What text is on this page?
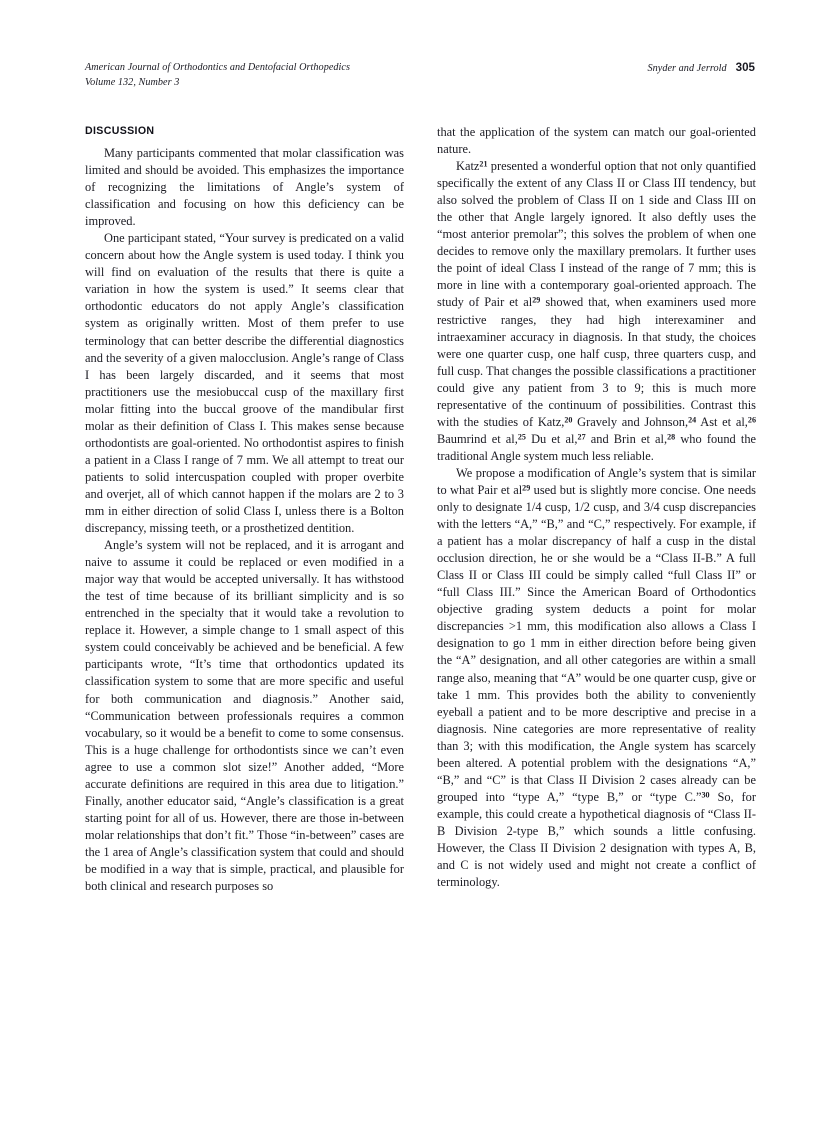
American Journal of Orthodontics and Dentofacial Orthopedics
Volume 132, Number 3
Snyder and Jerrold 305
DISCUSSION

Many participants commented that molar classification was limited and should be avoided. This emphasizes the importance of recognizing the limitations of Angle’s system of classification and focusing on how this deficiency can be improved.

One participant stated, “Your survey is predicated on a valid concern about how the Angle system is used today. I think you will find on evaluation of the results that there is quite a variation in how the system is used.” It seems clear that orthodontic educators do not apply Angle’s classification system as originally written. Most of them prefer to use terminology that can better describe the differential diagnostics and the severity of a given malocclusion. Angle’s range of Class I has been largely discarded, and it seems that most practitioners use the mesiobuccal cusp of the maxillary first molar fitting into the buccal groove of the mandibular first molar as their definition of Class I. This makes sense because orthodontists are goal-oriented. No orthodontist aspires to finish a patient in a Class I range of 7 mm. We all attempt to treat our patients to solid intercuspation coupled with proper overbite and overjet, all of which cannot happen if the molars are 2 to 3 mm in either direction of solid Class I, unless there is a Bolton discrepancy, missing teeth, or a prosthetized dentition.

Angle’s system will not be replaced, and it is arrogant and naive to assume it could be replaced or even modified in a major way that would be accepted universally. It has withstood the test of time because of its brilliant simplicity and is so entrenched in the specialty that it would take a revolution to replace it. However, a simple change to 1 small aspect of this system could conceivably be achieved and be beneficial. A few participants wrote, “It’s time that orthodontics updated its classification system to some that are more specific and useful for both communication and diagnosis.” Another said, “Communication between professionals requires a common vocabulary, so it would be a benefit to come to some consensus. This is a huge challenge for orthodontists since we can’t even agree to use a common slot size!” Another added, “More accurate definitions are required in this area due to litigation.” Finally, another educator said, “Angle’s classification is a great starting point for all of us. However, there are those in-between molar relationships that don’t fit.” Those “in-between” cases are the 1 area of Angle’s classification system that could and should be modified in a way that is simple, practical, and plausible for both clinical and research purposes so

that the application of the system can match our goal-oriented nature.

Katz$^{21}$ presented a wonderful option that not only quantified specifically the extent of any Class II or Class III tendency, but also solved the problem of Class II on 1 side and Class III on the other that Angle largely ignored. It also deftly uses the “most anterior premolar”; this solves the problem of when one decides to remove only the maxillary premolars. It further uses the point of ideal Class I instead of the range of 7 mm; this is more in line with a contemporary goal-oriented approach. The study of Pair et $al^{29}$ showed that, when examiners used more restrictive ranges, they had high interexaminer and intraexaminer accuracy in diagnosis. In that study, the choices were one quarter cusp, one half cusp, three quarters cusp, and full cusp. That changes the possible classifications a practitioner could give any patient from 3 to 9; this is much more representative of the continuum of possibilities. Contrast this with the studies of Katz,$^{20}$ Gravely and Johnson,$^{24}$ Ast et al,$^{26}$ Baumrind et al,$^{25}$ Du et al,$^{27}$ and Brin et al,$^{28}$ who found the traditional Angle system much less reliable.

We propose a modification of Angle’s system that is similar to what Pair et $al^{29}$ used but is slightly more concise. One needs only to designate 1/4 cusp, 1/2 cusp, and 3/4 cusp discrepancies with the letters “A,” “B,” and “C,” respectively. For example, if a patient has a molar discrepancy of half a cusp in the distal occlusion direction, he or she would be a “Class II-B.” A full Class II or Class III could be simply called “full Class II” or “full Class III.” Since the American Board of Orthodontics objective grading system deducts a point for molar discrepancies >1 mm, this modification also allows a Class I designation to go 1 mm in either direction before being given the “A” designation, and all other categories are within a small range also, meaning that “A” would be one quarter cusp, give or take 1 mm. This provides both the ability to conveniently eyeball a patient and to be more descriptive and precise in a diagnosis. Nine categories are more representative of reality than 3; with this modification, the Angle system has scarcely been altered. A potential problem with the designations “A,” “B,” and “C” is that Class II Division 2 cases already can be grouped into “type A,” “type B,” or “type C.”$^{30}$ So, for example, this could create a hypothetical diagnosis of “Class II-B Division 2-type B,” which sounds a little confusing. However, the Class II Division 2 designation with types A, B, and C is not widely used and might not create a conflict of terminology.
